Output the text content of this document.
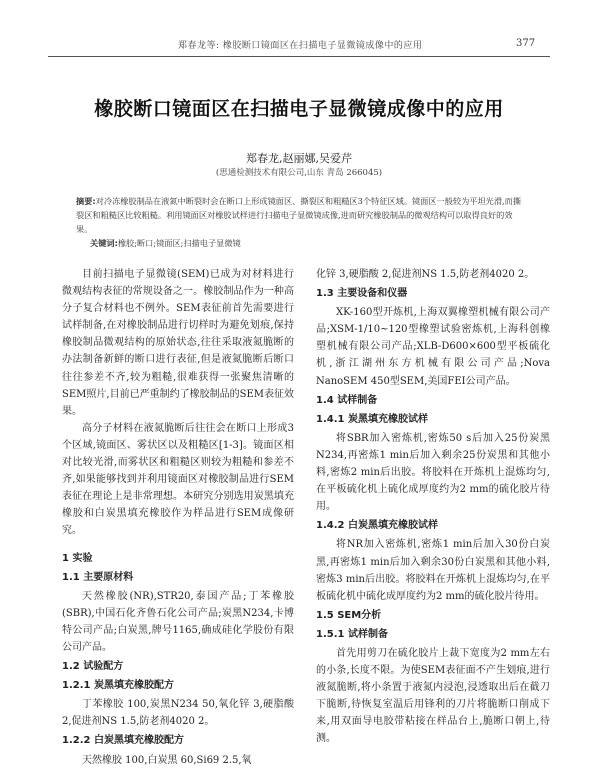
郑春龙等: 橡胶断口镜面区在扫描电子显微镜成像中的应用	377
橡胶断口镜面区在扫描电子显微镜成像中的应用
郑春龙,赵丽娜,吴爱芹
(思通检测技术有限公司,山东 青岛 266045)
摘要:对冷冻橡胶制品在液氮中断裂时会在断口上形成镜面区、撕裂区和粗糙区3个特征区域。镜面区一般较为平坦光滑,而撕裂区和粗糙区比较粗糙。利用镜面区对橡胶试样进行扫描电子显微镜成像,进而研究橡胶制品的微观结构可以取得良好的效果。
关键词:橡胶;断口;镜面区;扫描电子显微镜

目前扫描电子显微镜(SEM)已成为对材料进行微观结构表征的常规设备之一。橡胶制品作为一种高分子复合材料也不例外。SEM表征前首先需要进行试样制备,在对橡胶制品进行切样时为避免划痕,保持橡胶制品微观结构的原始状态,往往采取液氮脆断的办法制备新鲜的断口进行表征,但是液氮脆断后断口往往参差不齐,较为粗糙,很难获得一张聚焦清晰的SEM照片,目前已严重制约了橡胶制品的SEM表征效果。

高分子材料在液氮脆断后往往会在断口上形成3个区域,镜面区、雾状区以及粗糙区[1-3]。镜面区相对比较光滑,而雾状区和粗糙区则较为粗糙和参差不齐,如果能够找到并利用镜面区对橡胶制品进行SEM表征在理论上是非常理想。本研究分别选用炭黑填充橡胶和白炭黑填充橡胶作为样品进行SEM成像研究。

1 实验
1.1 主要原材料

天然橡胶(NR),STR20,泰国产品;丁苯橡胶(SBR),中国石化齐鲁石化公司产品;炭黑N234,卡博特公司产品;白炭黑,牌号1165,确成硅化学股份有限公司产品。

1.2 试验配方
1.2.1 炭黑填充橡胶配方

丁苯橡胶 100,炭黑N234 50,氧化锌 3,硬脂酸 2,促进剂NS 1.5,防老剂4020 2。

1.2.2 白炭黑填充橡胶配方

天然橡胶 100,白炭黑 60,Si69 2.5,氧

化锌 3,硬脂酸 2,促进剂NS 1.5,防老剂4020 2。

1.3 主要设备和仪器

XK-160型开炼机,上海双翼橡塑机械有限公司产品;XSM-1/10~120型橡塑试验密炼机,上海科创橡塑机械有限公司产品;XLB-D600×600型平板硫化机,浙江湖州东方机械有限公司产品;Nova NanoSEM 450型SEM,美国FEI公司产品。

1.4 试样制备
1.4.1 炭黑填充橡胶试样

将SBR加入密炼机,密炼50 s后加入25份炭黑N234,再密炼1 min后加入剩余25份炭黑和其他小料,密炼2 min后出胶。将胶料在开炼机上混炼均匀,在平板硫化机上硫化成厚度约为2 mm的硫化胶片待用。

1.4.2 白炭黑填充橡胶试样

将NR加入密炼机,密炼1 min后加入30份白炭黑,再密炼1 min后加入剩余30份白炭黑和其他小料,密炼3 min后出胶。将胶料在开炼机上混炼均匀,在平板硫化机中硫化成厚度约为2 mm的硫化胶片待用。

1.5 SEM分析
1.5.1 试样制备

首先用剪刀在硫化胶片上裁下宽度为2 mm左右的小条,长度不限。为使SEM表征面不产生划痕,进行液氮脆断,将小条置于液氮内浸泡,浸透取出后在截刀下脆断,待恢复室温后用锋利的刀片将脆断口削成下来,用双面导电胶带粘接在样品台上,脆断口朝上,待测。
